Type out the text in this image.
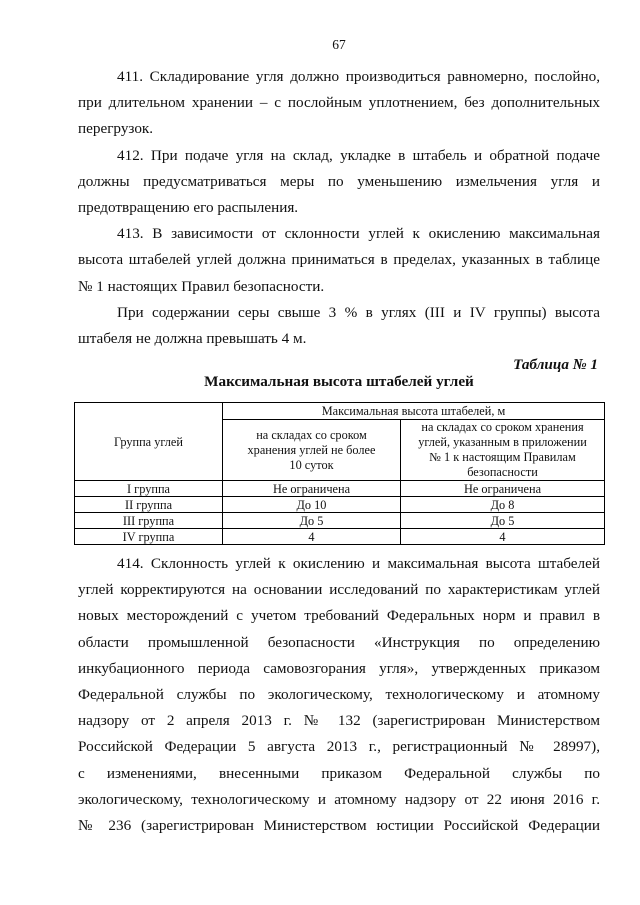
67
411. Складирование угля должно производиться равномерно, послойно,
при длительном хранении – с послойным уплотнением, без дополнительных
перегрузок.
412. При подаче угля на склад, укладке в штабель и обратной подаче
должны предусматриваться меры по уменьшению измельчения угля и
предотвращению его распыления.
413. В зависимости от склонности углей к окислению максимальная
высота штабелей углей должна приниматься в пределах, указанных в таблице
№ 1 настоящих Правил безопасности.
При содержании серы свыше 3 % в углях (III и IV группы) высота
штабеля не должна превышать 4 м.
Таблица № 1
Максимальная высота штабелей углей
Группа углей	Максимальная высота штабелей, м	
	на складах со сроком
хранения углей не более
10 суток	на складах со сроком хранения
углей, указанным в приложении
№ 1 к настоящим Правилам
безопасности
I группа	Не ограничена	Не ограничена
II группа	До 10	До 8
III группа	До 5	До 5
IV группа	4	4
414. Склонность углей к окислению и максимальная высота штабелей
углей корректируются на основании исследований по характеристикам углей
новых месторождений с учетом требований Федеральных норм и правил в
области промышленной безопасности «Инструкция по определению
инкубационного периода самовозгорания угля», утвержденных приказом
Федеральной службы по экологическому, технологическому и атомному
надзору от 2 апреля 2013 г. № 132 (зарегистрирован Министерством
Российской Федерации 5 августа 2013 г., регистрационный № 28997),
с изменениями, внесенными приказом Федеральной службы по
экологическому, технологическому и атомному надзору от 22 июня 2016 г.
№ 236 (зарегистрирован Министерством юстиции Российской Федерации
